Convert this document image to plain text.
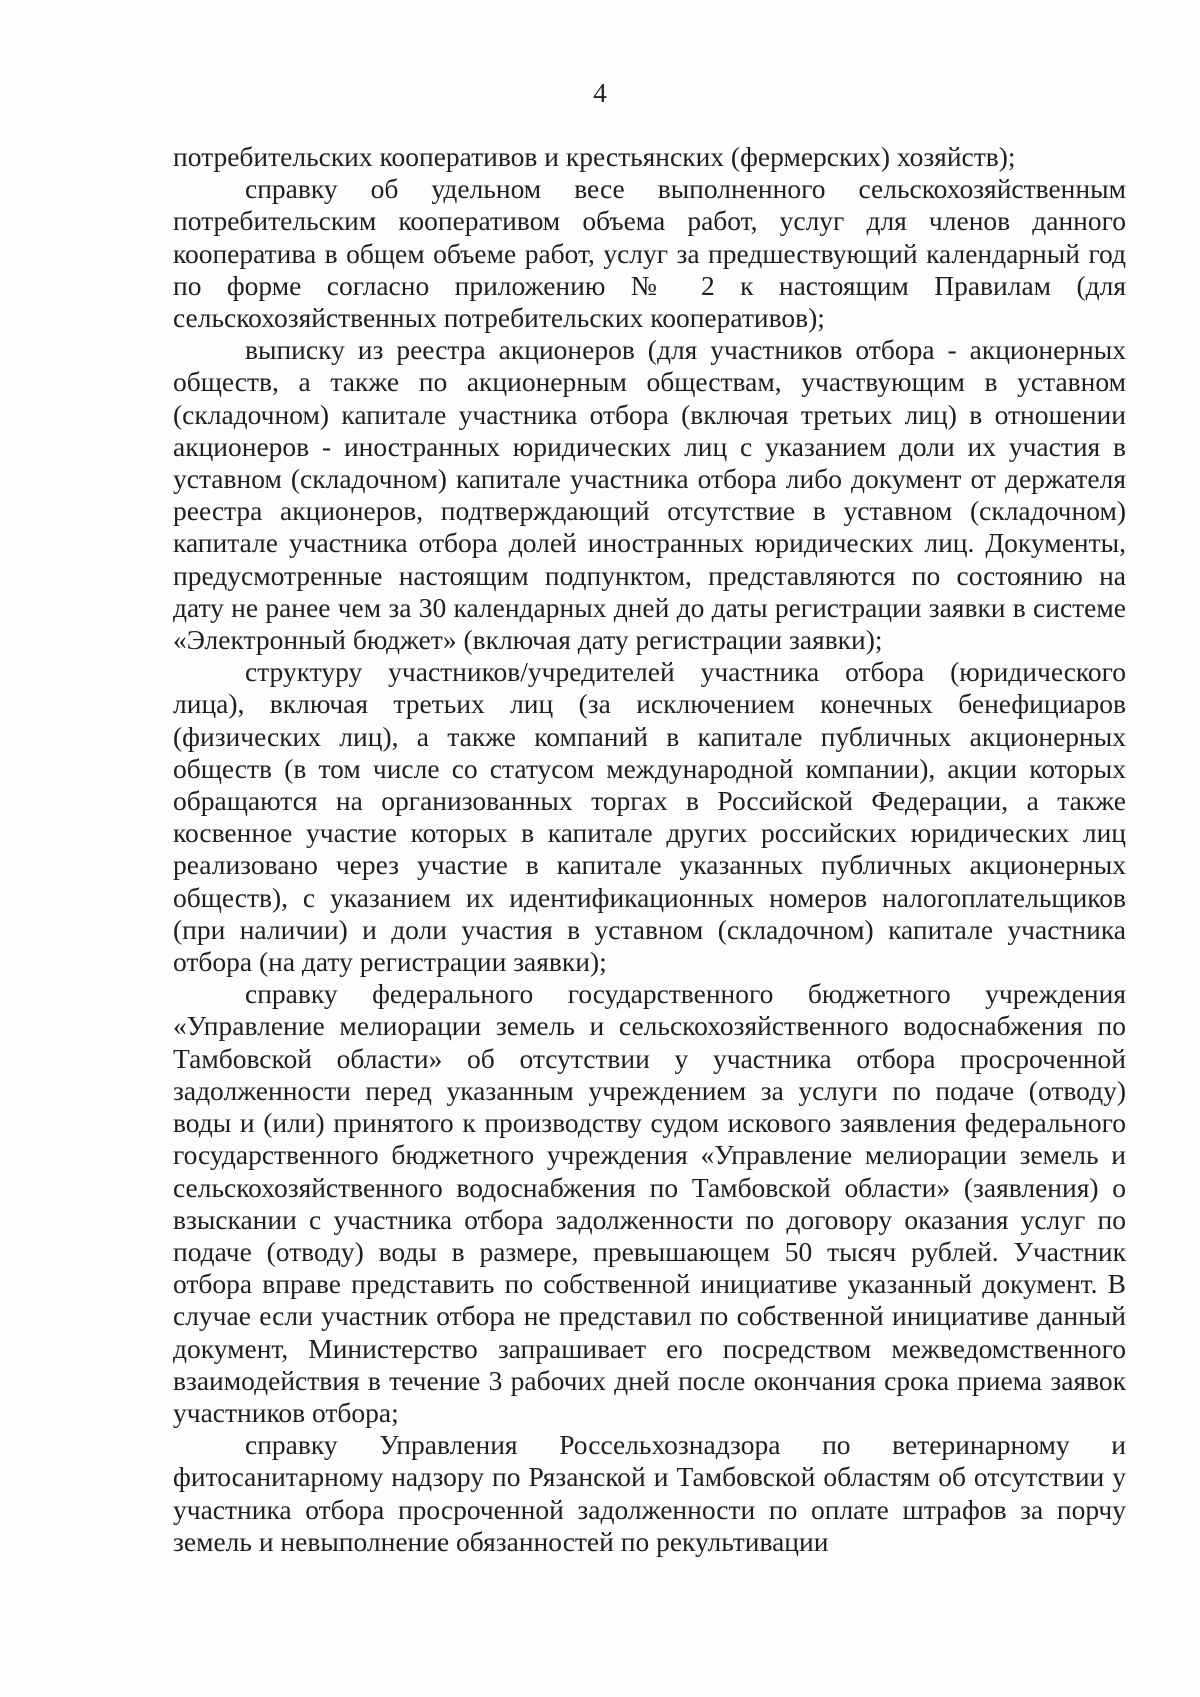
4

потребительских кооперативов и крестьянских (фермерских) хозяйств);

справку об удельном весе выполненного сельскохозяйственным потребительским кооперативом объема работ, услуг для членов данного кооператива в общем объеме работ, услуг за предшествующий календарный год по форме согласно приложению № 2 к настоящим Правилам (для сельскохозяйственных потребительских кооперативов);

выписку из реестра акционеров (для участников отбора - акционерных обществ, а также по акционерным обществам, участвующим в уставном (складочном) капитале участника отбора (включая третьих лиц) в отношении акционеров - иностранных юридических лиц с указанием доли их участия в уставном (складочном) капитале участника отбора либо документ от держателя реестра акционеров, подтверждающий отсутствие в уставном (складочном) капитале участника отбора долей иностранных юридических лиц. Документы, предусмотренные настоящим подпунктом, представляются по состоянию на дату не ранее чем за 30 календарных дней до даты регистрации заявки в системе «Электронный бюджет» (включая дату регистрации заявки);

структуру участников/учредителей участника отбора (юридического лица), включая третьих лиц (за исключением конечных бенефициаров (физических лиц), а также компаний в капитале публичных акционерных обществ (в том числе со статусом международной компании), акции которых обращаются на организованных торгах в Российской Федерации, а также косвенное участие которых в капитале других российских юридических лиц реализовано через участие в капитале указанных публичных акционерных обществ), с указанием их идентификационных номеров налогоплательщиков (при наличии) и доли участия в уставном (складочном) капитале участника отбора (на дату регистрации заявки);

справку федерального государственного бюджетного учреждения «Управление мелиорации земель и сельскохозяйственного водоснабжения по Тамбовской области» об отсутствии у участника отбора просроченной задолженности перед указанным учреждением за услуги по подаче (отводу) воды и (или) принятого к производству судом искового заявления федерального государственного бюджетного учреждения «Управление мелиорации земель и сельскохозяйственного водоснабжения по Тамбовской области» (заявления) о взыскании с участника отбора задолженности по договору оказания услуг по подаче (отводу) воды в размере, превышающем 50 тысяч рублей. Участник отбора вправе представить по собственной инициативе указанный документ. В случае если участник отбора не представил по собственной инициативе данный документ, Министерство запрашивает его посредством межведомственного взаимодействия в течение 3 рабочих дней после окончания срока приема заявок участников отбора;

справку Управления Россельхознадзора по ветеринарному и фитосанитарному надзору по Рязанской и Тамбовской областям об отсутствии у участника отбора просроченной задолженности по оплате штрафов за порчу земель и невыполнение обязанностей по рекультивации
